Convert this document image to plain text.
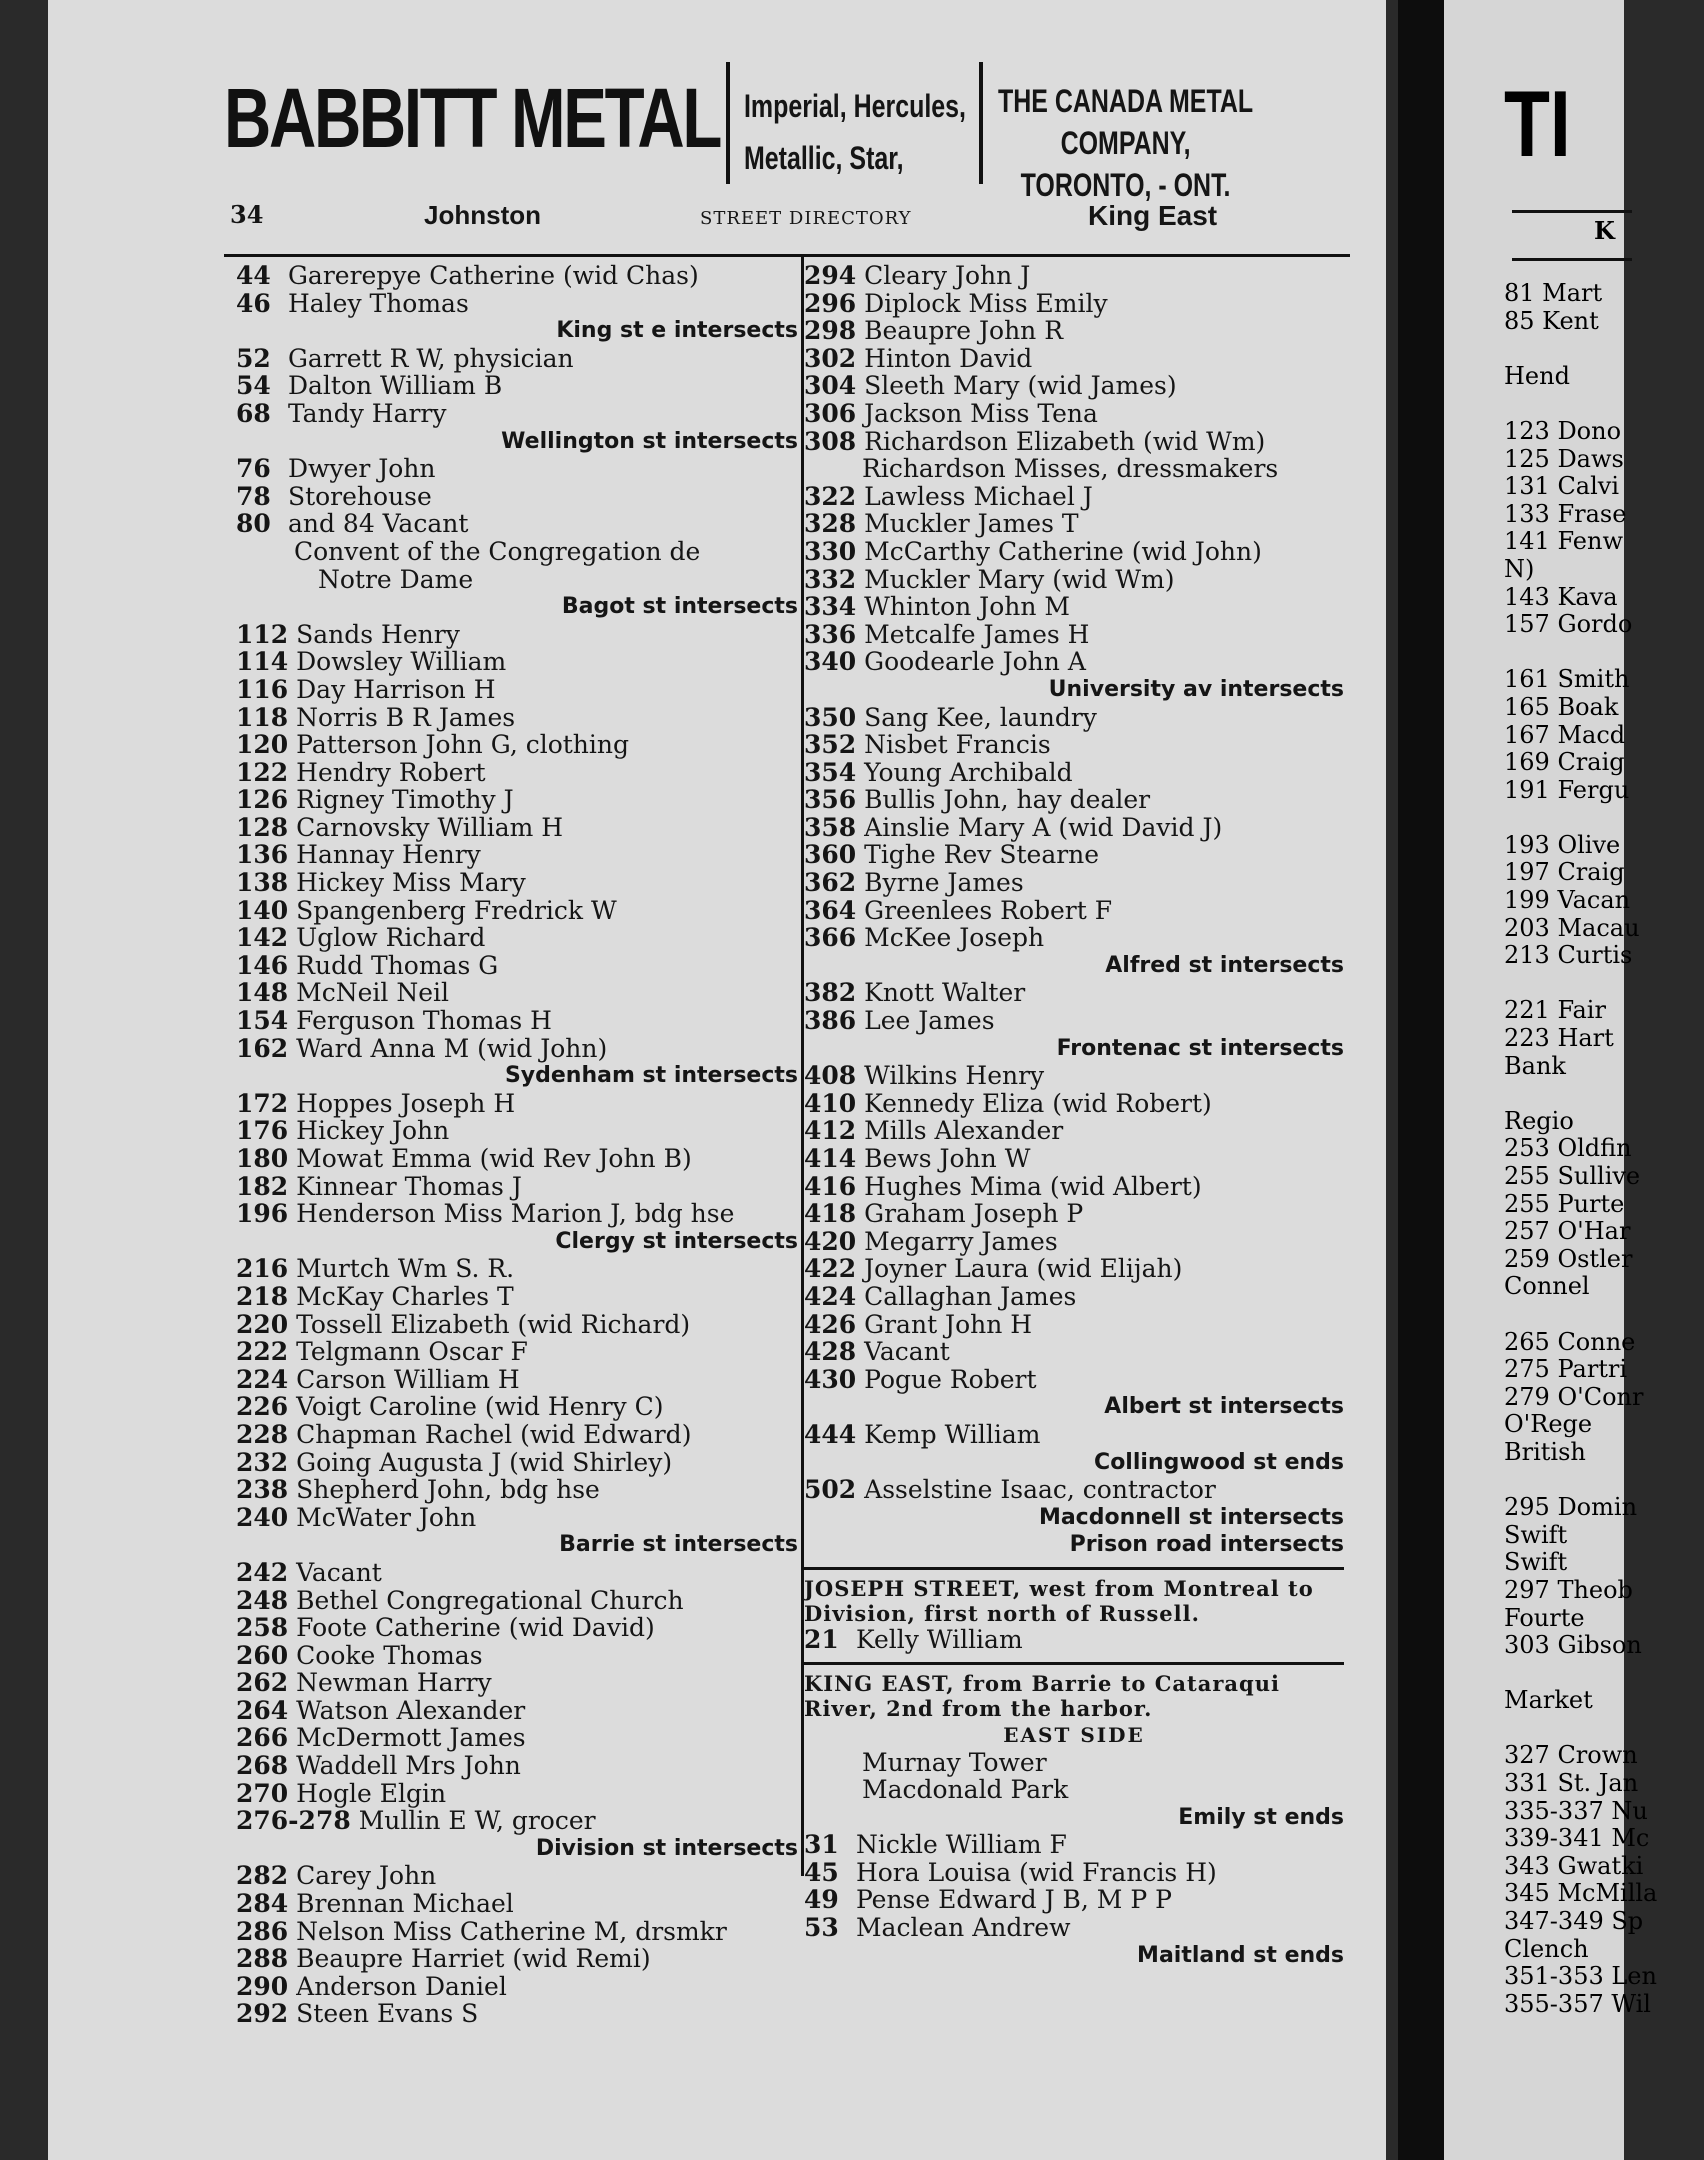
BABBITT METAL Imperial, Hercules,
Metallic, Star,
THE CANADA METAL
COMPANY,
TORONTO, - ONT.
34	Johnston	STREET DIRECTORY	King East
44 Garerepye Catherine (wid Chas)
46 Haley Thomas
King st e intersects
52 Garrett R W, physician
54 Dalton William B
68 Tandy Harry
Wellington st intersects
76 Dwyer John
78 Storehouse
80 and 84 Vacant
Convent of the Congregation de
Notre Dame
Bagot st intersects
112 Sands Henry
114 Dowsley William
116 Day Harrison H
118 Norris B R James
120 Patterson John G, clothing
122 Hendry Robert
126 Rigney Timothy J
128 Carnovsky William H
136 Hannay Henry
138 Hickey Miss Mary
140 Spangenberg Fredrick W
142 Uglow Richard
146 Rudd Thomas G
148 McNeil Neil
154 Ferguson Thomas H
162 Ward Anna M (wid John)
Sydenham st intersects
172 Hoppes Joseph H
176 Hickey John
180 Mowat Emma (wid Rev John B)
182 Kinnear Thomas J
196 Henderson Miss Marion J, bdg hse
Clergy st intersects
216 Murtch Wm S. R.
218 McKay Charles T
220 Tossell Elizabeth (wid Richard)
222 Telgmann Oscar F
224 Carson William H
226 Voigt Caroline (wid Henry C)
228 Chapman Rachel (wid Edward)
232 Going Augusta J (wid Shirley)
238 Shepherd John, bdg hse
240 McWater John
Barrie st intersects
242 Vacant
248 Bethel Congregational Church
258 Foote Catherine (wid David)
260 Cooke Thomas
262 Newman Harry
264 Watson Alexander
266 McDermott James
268 Waddell Mrs John
270 Hogle Elgin
276-278 Mullin E W, grocer
Division st intersects
282 Carey John
284 Brennan Michael
286 Nelson Miss Catherine M, drsmkr
288 Beaupre Harriet (wid Remi)
290 Anderson Daniel
292 Steen Evans S
294 Cleary John J
296 Diplock Miss Emily
298 Beaupre John R
302 Hinton David
304 Sleeth Mary (wid James)
306 Jackson Miss Tena
308 Richardson Elizabeth (wid Wm)
Richardson Misses, dressmakers
322 Lawless Michael J
328 Muckler James T
330 McCarthy Catherine (wid John)
332 Muckler Mary (wid Wm)
334 Whinton John M
336 Metcalfe James H
340 Goodearle John A
University av intersects
350 Sang Kee, laundry
352 Nisbet Francis
354 Young Archibald
356 Bullis John, hay dealer
358 Ainslie Mary A (wid David J)
360 Tighe Rev Stearne
362 Byrne James
364 Greenlees Robert F
366 McKee Joseph
Alfred st intersects
382 Knott Walter
386 Lee James
Frontenac st intersects
408 Wilkins Henry
410 Kennedy Eliza (wid Robert)
412 Mills Alexander
414 Bews John W
416 Hughes Mima (wid Albert)
418 Graham Joseph P
420 Megarry James
422 Joyner Laura (wid Elijah)
424 Callaghan James
426 Grant John H
428 Vacant
430 Pogue Robert
Albert st intersects
444 Kemp William
Collingwood st ends
502 Asselstine Isaac, contractor
Macdonnell st intersects
Prison road intersects
JOSEPH STREET, west from Montreal to Division, first north of Russell.
21 Kelly William
KING EAST, from Barrie to Cataraqui River, 2nd from the harbor.
EAST SIDE
Murnay Tower
Macdonald Park
Emily st ends
31 Nickle William F
45 Hora Louisa (wid Francis H)
49 Pense Edward J B, M P P
53 Maclean Andrew
Maitland st ends
TI
K
81 Mart
85 Kent
Hend
123 Dono
125 Daws
131 Calvi
133 Frase
141 Fenw
N)
143 Kava
157 Gordo
161 Smith
165 Boak
167 Macd
169 Craig
191 Fergu
193 Olive
197 Craig
199 Vacan
203 Macau
213 Curtis
221 Fair
223 Hart
Bank
Regio
253 Oldfin
255 Sullive
255 Purte
257 O'Har
259 Ostler
Connel
265 Conne
275 Partri
279 O'Conr
O'Rege
British
295 Domin
Swift
Swift
297 Theob
Fourte
303 Gibson
Market
327 Crown
331 St. Jan
335-337 Nu
339-341 Mc
343 Gwatki
345 McMilla
347-349 Sp
Clench
351-353 Len
355-357 Wil
